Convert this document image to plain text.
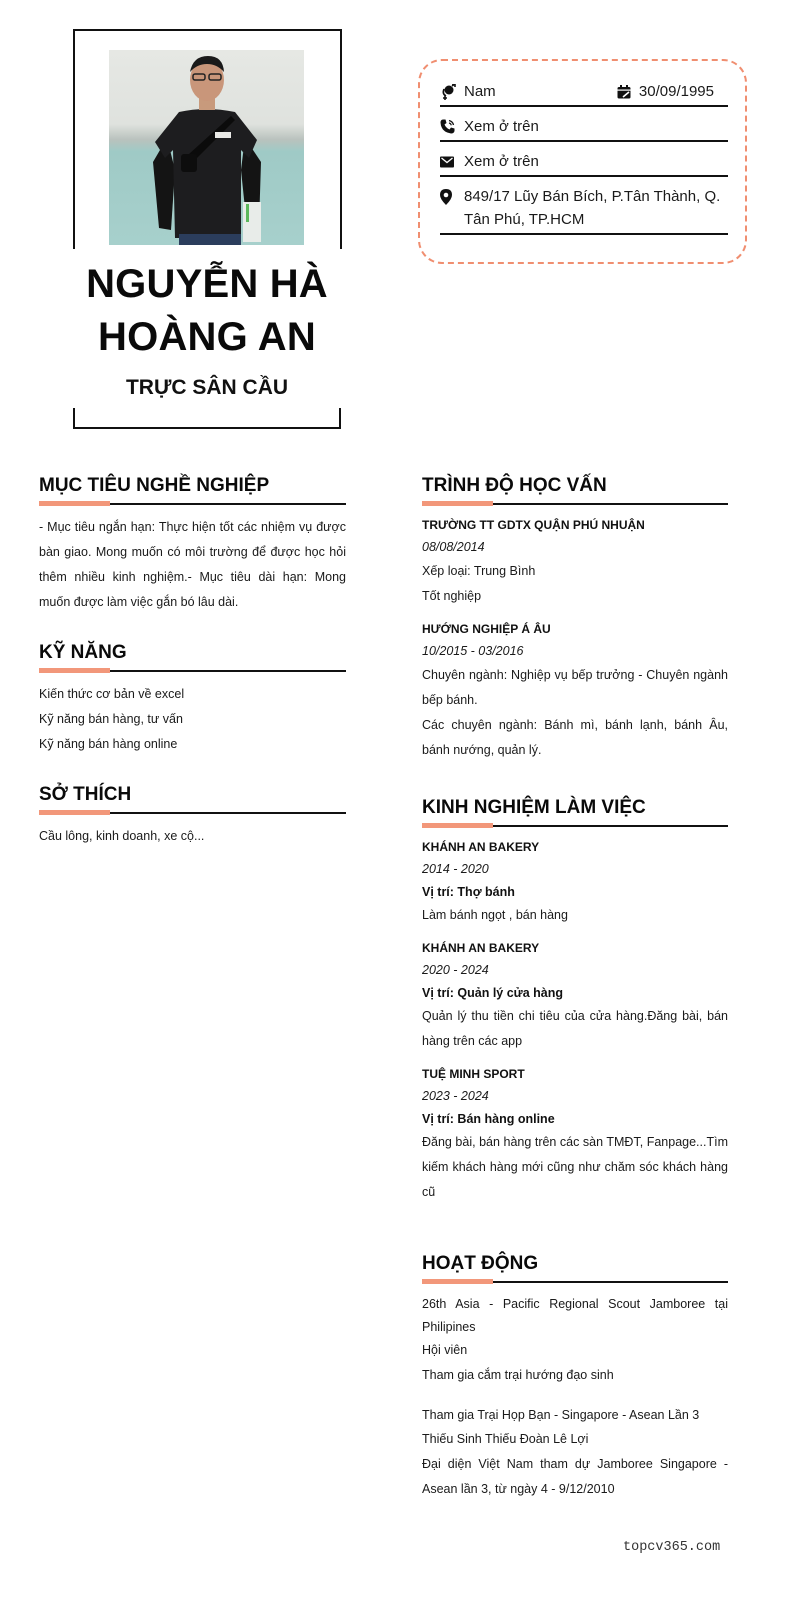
NGUYỄN HÀ HOÀNG AN
TRỰC SÂN CẦU
Nam	30/09/1995
Xem ở trên
Xem ở trên
849/17 Lũy Bán Bích, P.Tân Thành, Q. Tân Phú, TP.HCM
MỤC TIÊU NGHỀ NGHIỆP
- Mục tiêu ngắn hạn: Thực hiện tốt các nhiệm vụ được bàn giao. Mong muốn có môi trường để được học hỏi thêm nhiều kinh nghiệm.- Mục tiêu dài hạn: Mong muốn được làm việc gắn bó lâu dài.
KỸ NĂNG
Kiến thức cơ bản về excel
Kỹ năng bán hàng, tư vấn
Kỹ năng bán hàng online
SỞ THÍCH
Cầu lông, kinh doanh, xe cộ...
TRÌNH ĐỘ HỌC VẤN
TRƯỜNG TT GDTX QUẬN PHÚ NHUẬN
08/08/2014
Xếp loại: Trung Bình
Tốt nghiệp
HƯỚNG NGHIỆP Á ÂU
10/2015 - 03/2016
Chuyên ngành: Nghiệp vụ bếp trưởng - Chuyên ngành bếp bánh.
Các chuyên ngành: Bánh mì, bánh lạnh, bánh Âu, bánh nướng, quản lý.
KINH NGHIỆM LÀM VIỆC
KHÁNH AN BAKERY
2014 - 2020
Vị trí: Thợ bánh
Làm bánh ngọt , bán hàng
KHÁNH AN BAKERY
2020 - 2024
Vị trí: Quản lý cửa hàng
Quản lý thu tiền chi tiêu của cửa hàng.Đăng bài, bán hàng trên các app
TUỆ MINH SPORT
2023 - 2024
Vị trí: Bán hàng online
Đăng bài, bán hàng trên các sàn TMĐT, Fanpage...Tìm kiếm khách hàng mới cũng như chăm sóc khách hàng cũ
HOẠT ĐỘNG
26th Asia - Pacific Regional Scout Jamboree tại Philipines
Hội viên
Tham gia cắm trại hướng đạo sinh
Tham gia Trại Họp Bạn - Singapore - Asean Lần 3
Thiếu Sinh Thiếu Đoàn Lê Lợi
Đại diện Việt Nam tham dự Jamboree Singapore - Asean lần 3, từ ngày 4 - 9/12/2010
topcv365.com
